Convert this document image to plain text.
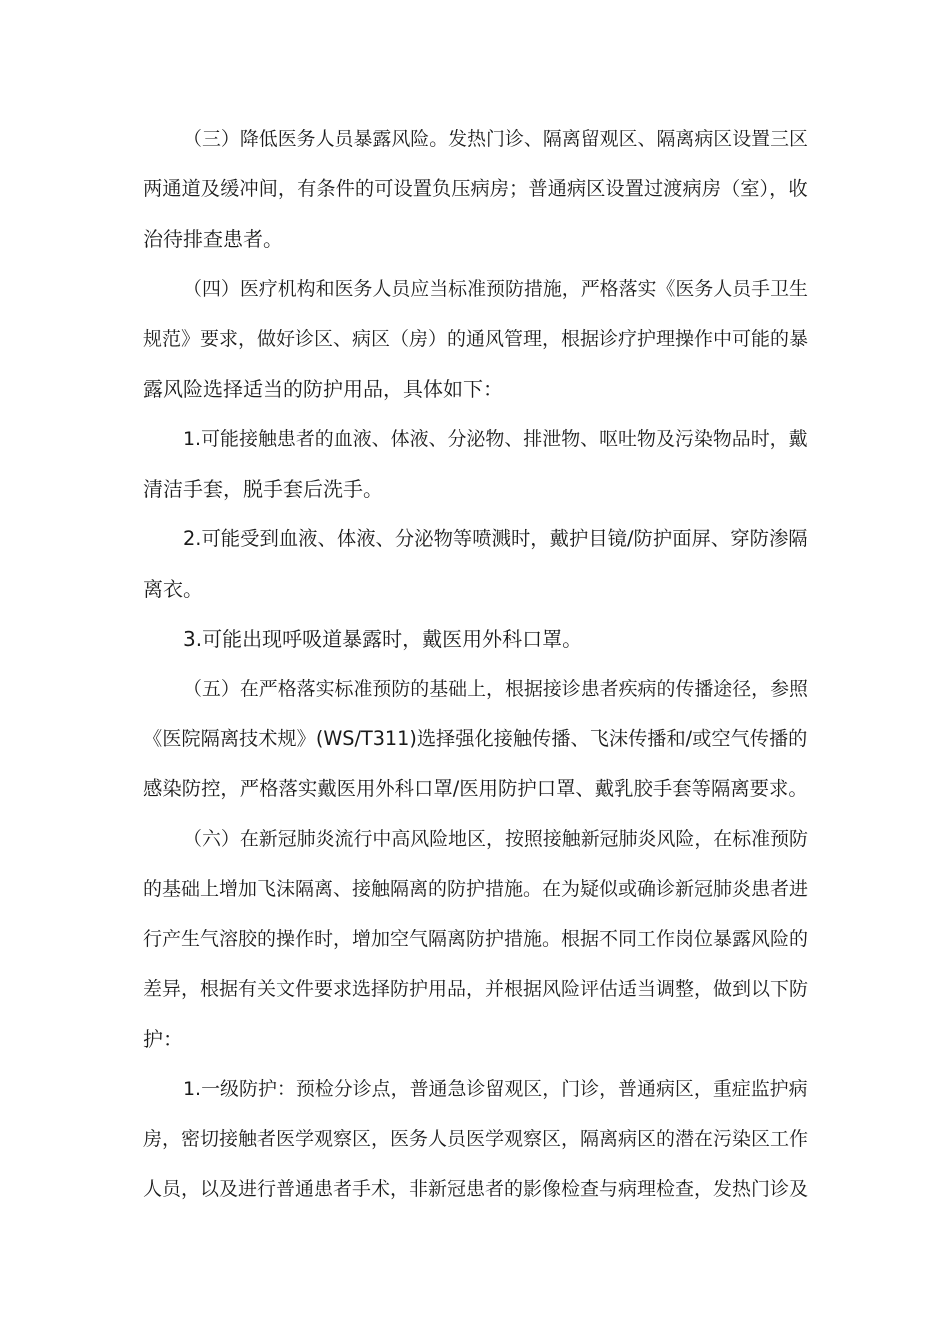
（三）降低医务人员暴露风险。发热门诊、隔离留观区、隔离病区设置三区
两通道及缓冲间，有条件的可设置负压病房；普通病区设置过渡病房（室），收
治待排查患者。
（四）医疗机构和医务人员应当标准预防措施，严格落实《医务人员手卫生
规范》要求，做好诊区、病区（房）的通风管理，根据诊疗护理操作中可能的暴
露风险选择适当的防护用品，具体如下：
1.可能接触患者的血液、体液、分泌物、排泄物、呕吐物及污染物品时，戴
清洁手套，脱手套后洗手。
2.可能受到血液、体液、分泌物等喷溅时，戴护目镜/防护面屏、穿防渗隔
离衣。
3.可能出现呼吸道暴露时，戴医用外科口罩。
（五）在严格落实标准预防的基础上，根据接诊患者疾病的传播途径，参照
《医院隔离技术规》(WS/T311)选择强化接触传播、飞沫传播和/或空气传播的
感染防控，严格落实戴医用外科口罩/医用防护口罩、戴乳胶手套等隔离要求。
（六）在新冠肺炎流行中高风险地区，按照接触新冠肺炎风险，在标准预防
的基础上增加飞沫隔离、接触隔离的防护措施。在为疑似或确诊新冠肺炎患者进
行产生气溶胶的操作时，增加空气隔离防护措施。根据不同工作岗位暴露风险的
差异，根据有关文件要求选择防护用品，并根据风险评估适当调整，做到以下防
护：
1.一级防护：预检分诊点，普通急诊留观区，门诊，普通病区，重症监护病
房，密切接触者医学观察区，医务人员医学观察区，隔离病区的潜在污染区工作
人员，以及进行普通患者手术，非新冠患者的影像检查与病理检查，发热门诊及
